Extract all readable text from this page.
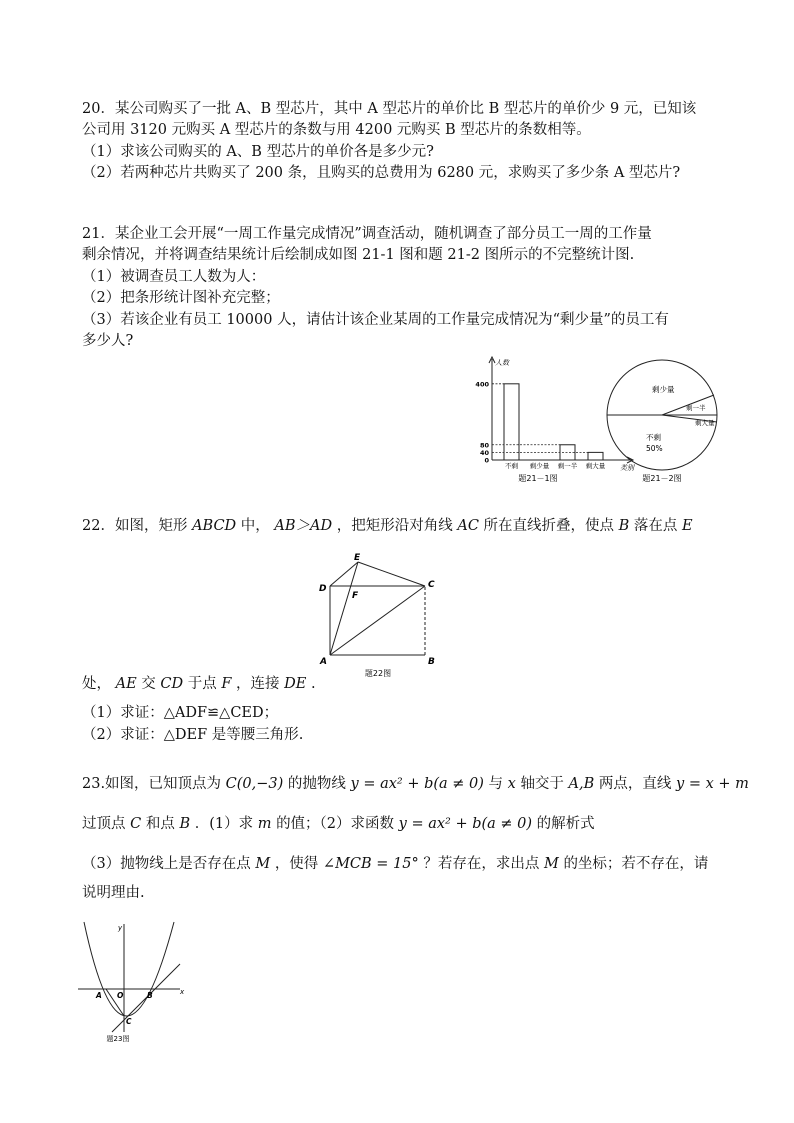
20．某公司购买了一批 A、B 型芯片，其中 A 型芯片的单价比 B 型芯片的单价少 9 元，已知该
公司用 3120 元购买 A 型芯片的条数与用 4200 元购买 B 型芯片的条数相等。
（1）求该公司购买的 A、B 型芯片的单价各是多少元?
（2）若两种芯片共购买了 200 条，且购买的总费用为 6280 元，求购买了多少条 A 型芯片?
21．某企业工会开展“一周工作量完成情况”调查活动，随机调查了部分员工一周的工作量
剩余情况，并将调查结果统计后绘制成如图 21-1 图和题 21-2 图所示的不完整统计图.
（1）被调查员工人数为人：
（2）把条形统计图补充完整；
（3）若该企业有员工 10000 人，请估计该企业某周的工作量完成情况为“剩少量”的员工有
多少人?
人数
类别
0
40
80
400
不剩 剩少量 剩一半 剩大量
题21－1图
剩少量
剩一半
剩大量
不剩
50%
题21－2图
22．如图，矩形 ABCD 中， AB＞AD ，把矩形沿对角线 AC 所在直线折叠，使点 B 落在点 E
A	B
C
D
E
F
题22图
处， AE 交 CD 于点 F ，连接 DE .
（1）求证：△ADF≌△CED；
（2）求证：△DEF 是等腰三角形.
23.如图，已知顶点为 C(0,−3) 的抛物线 y = ax² + b(a ≠ 0) 与 x 轴交于 A,B 两点，直线 y = x + m
过顶点 C 和点 B ．(1）求 m 的值；（2）求函数 y = ax² + b(a ≠ 0) 的解析式
（3）抛物线上是否存在点 M ，使得 ∠MCB = 15° ？若存在，求出点 M 的坐标；若不存在，请
说明理由.
y
x
A O	B
C
题23图
